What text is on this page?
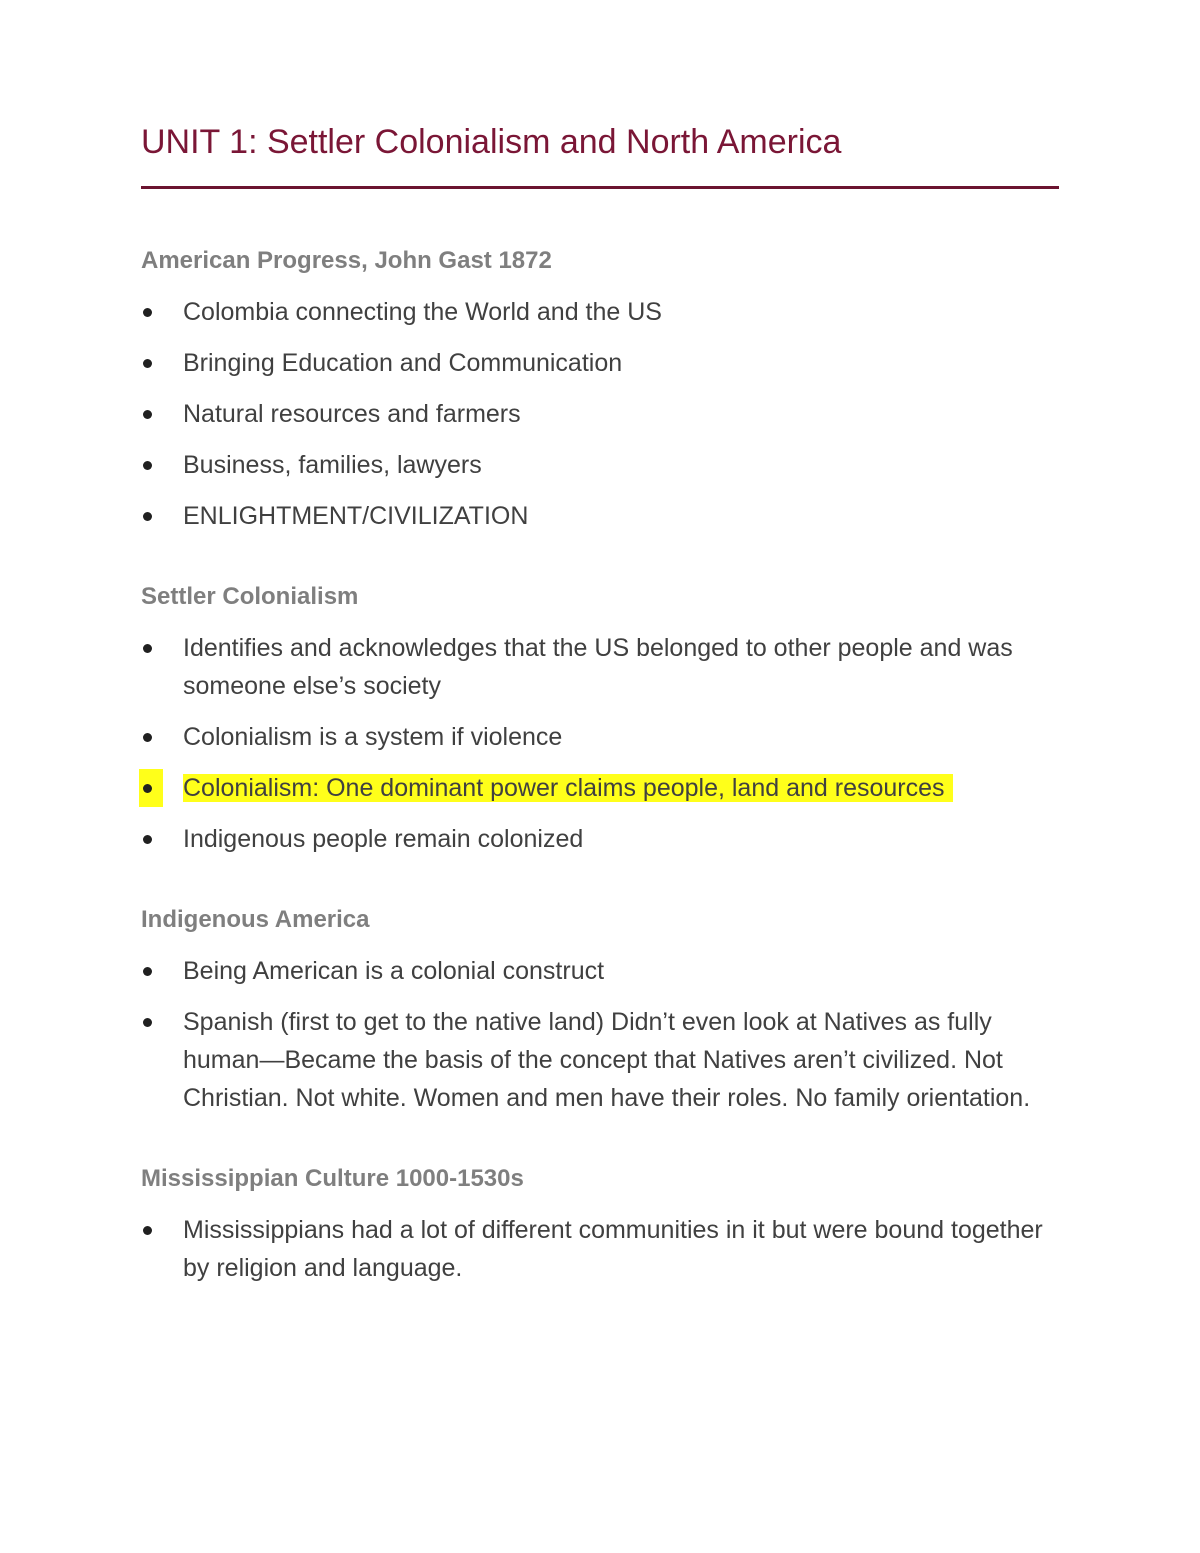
UNIT 1: Settler Colonialism and North America
American Progress, John Gast 1872
Colombia connecting the World and the US
Bringing Education and Communication
Natural resources and farmers
Business, families, lawyers
ENLIGHTMENT/CIVILIZATION
Settler Colonialism
Identifies and acknowledges that the US belonged to other people and was someone else’s society
Colonialism is a system if violence
Colonialism: One dominant power claims people, land and resources
Indigenous people remain colonized
Indigenous America
Being American is a colonial construct
Spanish (first to get to the native land) Didn’t even look at Natives as fully human—Became the basis of the concept that Natives aren’t civilized. Not Christian. Not white. Women and men have their roles. No family orientation.
Mississippian Culture 1000-1530s
Mississippians had a lot of different communities in it but were bound together by religion and language.
